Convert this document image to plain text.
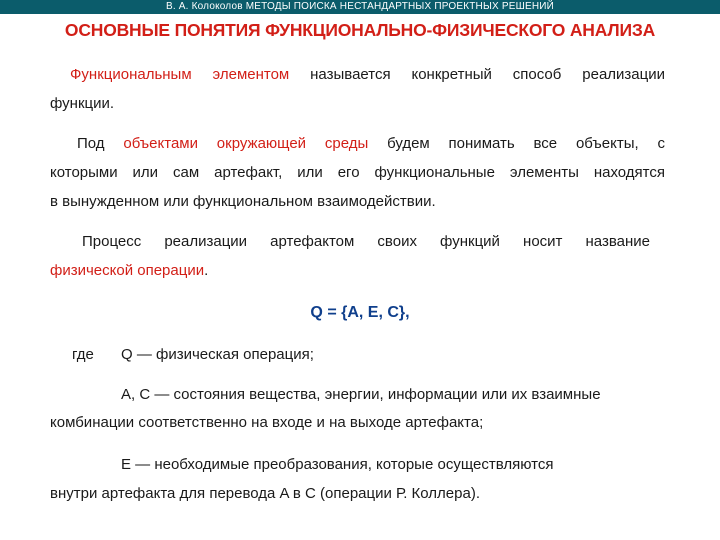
В. А. Колоколов МЕТОДЫ ПОИСКА НЕСТАНДАРТНЫХ ПРОЕКТНЫХ РЕШЕНИЙ
ОСНОВНЫЕ ПОНЯТИЯ ФУНКЦИОНАЛЬНО-ФИЗИЧЕСКОГО АНАЛИЗА
Функциональным элементом называется конкретный способ реализации
функции.
Под объектами окружающей среды будем понимать все объекты, с
которыми или сам артефакт, или его функциональные элементы находятся
в вынужденном или функциональном взаимодействии.
Процесс реализации артефактом своих функций носит название
физической операции.
Q = {A, E, C},
где Q — физическая операция;
A, C — состояния вещества, энергии, информации или их взаимные
комбинации соответственно на входе и на выходе артефакта;
E — необходимые преобразования, которые осуществляются
внутри артефакта для перевода A в C (операции Р. Коллера).
